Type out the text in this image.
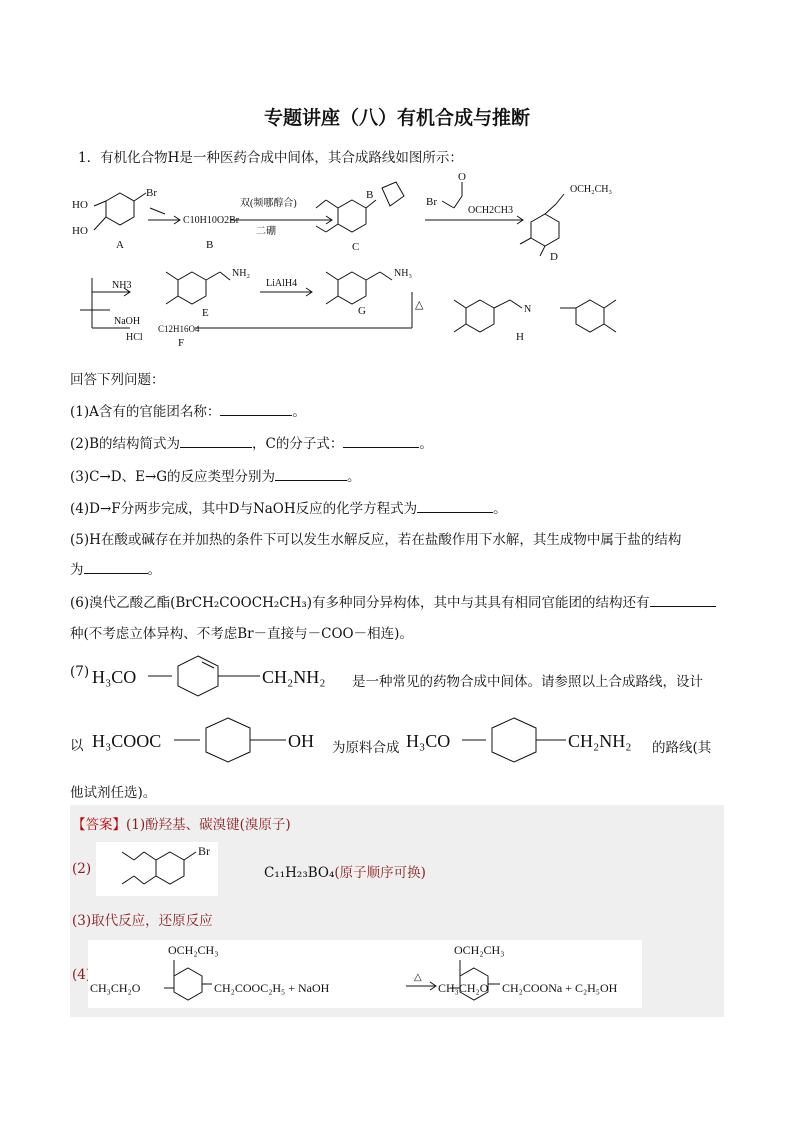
专题讲座（八）有机合成与推断
1．有机化合物H是一种医药合成中间体，其合成路线如图所示：
HO
HO
Br
A
C10H10O2Br
B
双(频哪醇合)
二硼
B
C
Br
OCH2CH3
O
OCH₂CH₃
D
NH3
NaOH
HCl
C12H16O4
F
NH₂
E
LiAlH4
NH₃
G	△	N
H
回答下列问题：
(1)A含有的官能团名称：	。
(2)B的结构简式为	，C的分子式：	。
(3)C→D、E→G的反应类型分别为	。
(4)D→F分两步完成，其中D与NaOH反应的化学方程式为	。
(5)H在酸或碱存在并加热的条件下可以发生水解反应，若在盐酸作用下水解，其生成物中属于盐的结构
为	。
(6)溴代乙酸乙酯(BrCH₂COOCH₂CH₃)有多种同分异构体，其中与其具有相同官能团的结构还有
种(不考虑立体异构、不考虑Br－直接与－COO－相连)。
(7) H₃CO	CH₂NH₂ 是一种常见的药物合成中间体。请参照以上合成路线，设计
以 H₃COOC	OH 为原料合成 H₃CO	CH₂NH₂ 的路线(其
他试剂任选)。
【答案】(1)酚羟基、碳溴键(溴原子)
(2)
Br
C₁₁H₂₃BO₄(原子顺序可换)
(3)取代反应，还原反应
(4)
OCH₂CH₃
CH₃CH₂O	CH₂COOC₂H₅ + NaOH
△
OCH₂CH₃
CH₂COONa + C₂H₅OH
CH₃CH₂O
